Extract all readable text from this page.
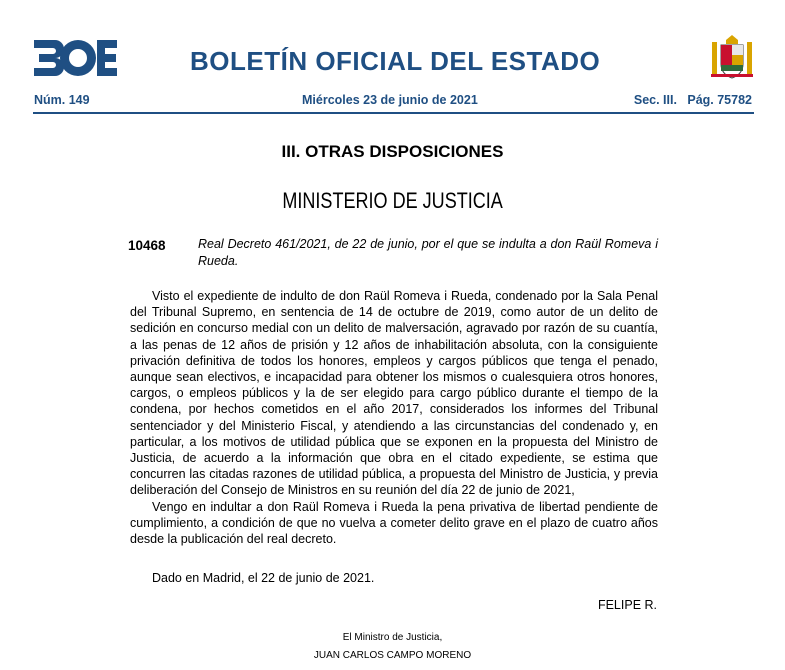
BOLETÍN OFICIAL DEL ESTADO
Núm. 149	Miércoles 23 de junio de 2021	Sec. III.   Pág. 75782
III. OTRAS DISPOSICIONES
MINISTERIO DE JUSTICIA
10468	Real Decreto 461/2021, de 22 de junio, por el que se indulta a don Raül Romeva i Rueda.

Visto el expediente de indulto de don Raül Romeva i Rueda, condenado por la Sala Penal del Tribunal Supremo, en sentencia de 14 de octubre de 2019, como autor de un delito de sedición en concurso medial con un delito de malversación, agravado por razón de su cuantía, a las penas de 12 años de prisión y 12 años de inhabilitación absoluta, con la consiguiente privación definitiva de todos los honores, empleos y cargos públicos que tenga el penado, aunque sean electivos, e incapacidad para obtener los mismos o cualesquiera otros honores, cargos, o empleos públicos y la de ser elegido para cargo público durante el tiempo de la condena, por hechos cometidos en el año 2017, considerados los informes del Tribunal sentenciador y del Ministerio Fiscal, y atendiendo a las circunstancias del condenado y, en particular, a los motivos de utilidad pública que se exponen en la propuesta del Ministro de Justicia, de acuerdo a la información que obra en el citado expediente, se estima que concurren las citadas razones de utilidad pública, a propuesta del Ministro de Justicia, y previa deliberación del Consejo de Ministros en su reunión del día 22 de junio de 2021,

Vengo en indultar a don Raül Romeva i Rueda la pena privativa de libertad pendiente de cumplimiento, a condición de que no vuelva a cometer delito grave en el plazo de cuatro años desde la publicación del real decreto.

Dado en Madrid, el 22 de junio de 2021.
FELIPE R.
El Ministro de Justicia,
JUAN CARLOS CAMPO MORENO
